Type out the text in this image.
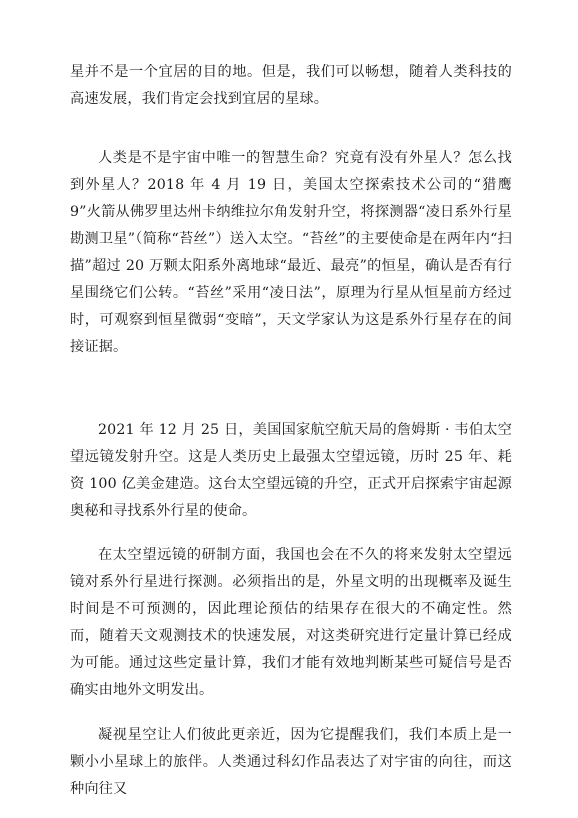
星并不是一个宜居的目的地。但是，我们可以畅想，随着人类科技的高速发展，我们肯定会找到宜居的星球。

人类是不是宇宙中唯一的智慧生命？究竟有没有外星人？怎么找到外星人？2018 年 4 月 19 日，美国太空探索技术公司的“猎鹰 9”火箭从佛罗里达州卡纳维拉尔角发射升空，将探测器“凌日系外行星勘测卫星”（简称“苔丝”）送入太空。“苔丝”的主要使命是在两年内“扫描”超过 20 万颗太阳系外离地球“最近、最亮”的恒星，确认是否有行星围绕它们公转。“苔丝”采用“凌日法”，原理为行星从恒星前方经过时，可观察到恒星微弱“变暗”，天文学家认为这是系外行星存在的间接证据。

2021 年 12 月 25 日，美国国家航空航天局的詹姆斯 · 韦伯太空望远镜发射升空。这是人类历史上最强太空望远镜，历时 25 年、耗资 100 亿美金建造。这台太空望远镜的升空，正式开启探索宇宙起源奥秘和寻找系外行星的使命。

在太空望远镜的研制方面，我国也会在不久的将来发射太空望远镜对系外行星进行探测。必须指出的是，外星文明的出现概率及诞生时间是不可预测的，因此理论预估的结果存在很大的不确定性。然而，随着天文观测技术的快速发展，对这类研究进行定量计算已经成为可能。通过这些定量计算，我们才能有效地判断某些可疑信号是否确实由地外文明发出。

凝视星空让人们彼此更亲近，因为它提醒我们，我们本质上是一颗小小星球上的旅伴。人类通过科幻作品表达了对宇宙的向往，而这种向往又
